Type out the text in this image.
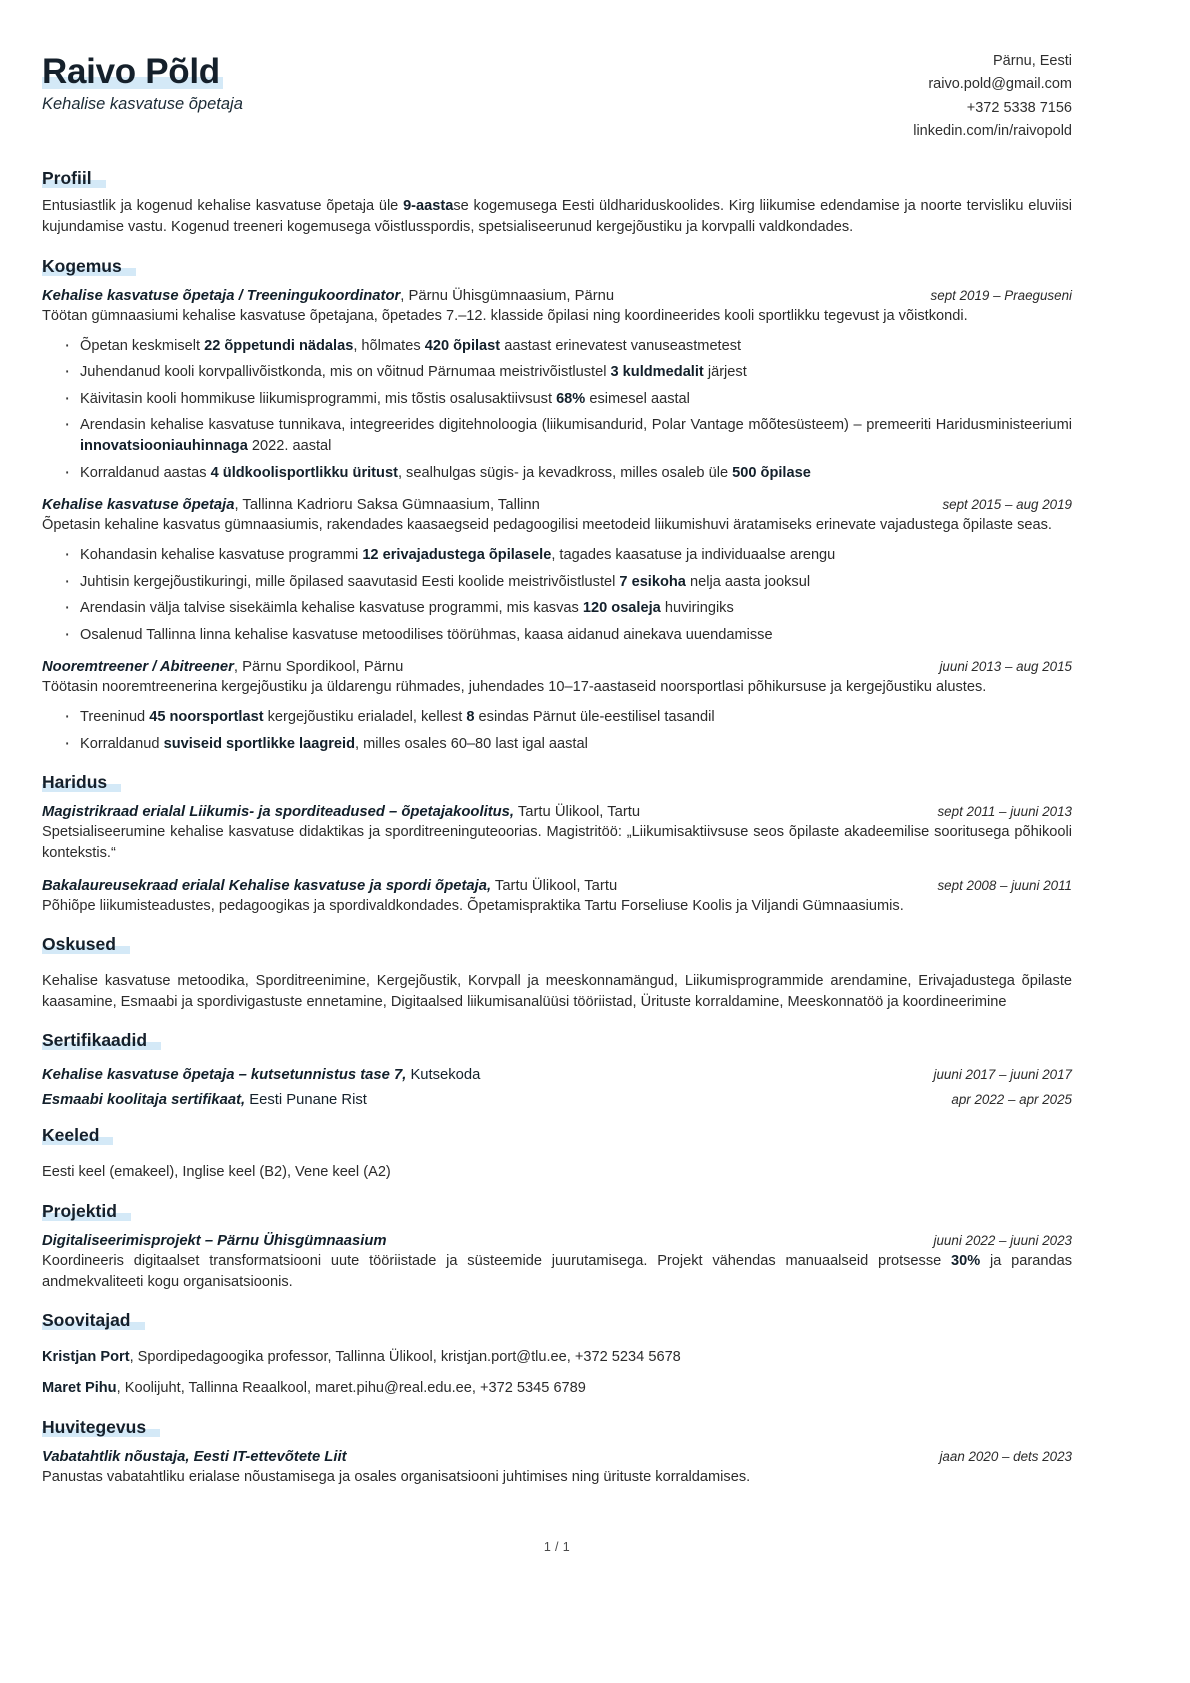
Raivo Põld
Kehalise kasvatuse õpetaja
Pärnu, Eesti
raivo.pold@gmail.com
+372 5338 7156
linkedin.com/in/raivopold
Profiil
Entusiastlik ja kogenud kehalise kasvatuse õpetaja üle 9-aastase kogemusega Eesti üldhariduskoolides. Kirg liikumise edendamise ja noorte tervisliku eluviisi kujundamise vastu. Kogenud treeneri kogemusega võistlusspordis, spetsialiseerunud kergejõustiku ja korvpalli valdkondades.
Kogemus
Kehalise kasvatuse õpetaja / Treeningukoordinator, Pärnu Ühisgümnaasium, Pärnu	sept 2019 – Praeguseni
Töötan gümnaasiumi kehalise kasvatuse õpetajana, õpetades 7.–12. klasside õpilasi ning koordineerides kooli sportlikku tegevust ja võistkondi.
· Õpetan keskmiselt 22 õppetundi nädalas, hõlmates 420 õpilast aastast erinevatest vanuseastmetest
· Juhendanud kooli korvpallivõistkonda, mis on võitnud Pärnumaa meistrivõistlustel 3 kuldmedalit järjest
· Käivitasin kooli hommikuse liikumisprogrammi, mis tõstis osalusaktiivsust 68% esimesel aastal
· Arendasin kehalise kasvatuse tunnikava, integreerides digitehnoloogia (liikumisandurid, Polar Vantage mõõtesüsteem) – premeeriti Haridusministeeriumi innovatsiooniauhinnaga 2022. aastal
· Korraldanud aastas 4 üldkoolisportlikku üritust, sealhulgas sügis- ja kevadkross, milles osaleb üle 500 õpilase
Kehalise kasvatuse õpetaja, Tallinna Kadrioru Saksa Gümnaasium, Tallinn	sept 2015 – aug 2019
Õpetasin kehaline kasvatus gümnaasiumis, rakendades kaasaegseid pedagoogilisi meetodeid liikumishuvi äratamiseks erinevate vajadustega õpilaste seas.
· Kohandasin kehalise kasvatuse programmi 12 erivajadustega õpilasele, tagades kaasatuse ja individuaalse arengu
· Juhtisin kergejõustikuringi, mille õpilased saavutasid Eesti koolide meistrivõistlustel 7 esikoha nelja aasta jooksul
· Arendasin välja talvise sisekäimla kehalise kasvatuse programmi, mis kasvas 120 osaleja huviringiks
· Osalenud Tallinna linna kehalise kasvatuse metoodilises töörühmas, kaasa aidanud ainekava uuendamisse
Nooremtreener / Abitreener, Pärnu Spordikool, Pärnu	juuni 2013 – aug 2015
Töötasin nooremtreenerina kergejõustiku ja üldarengu rühmades, juhendades 10–17-aastaseid noorsportlasi põhikursuse ja kergejõustiku alustes.
· Treeninud 45 noorsportlast kergejõustiku erialadel, kellest 8 esindas Pärnut üle-eestilisel tasandil
· Korraldanud suviseid sportlikke laagreid, milles osales 60–80 last igal aastal
Haridus
Magistrikraad erialal Liikumis- ja sporditeadused – õpetajakoolitus, Tartu Ülikool, Tartu	sept 2011 – juuni 2013
Spetsialiseerumine kehalise kasvatuse didaktikas ja sporditreeninguteoorias. Magistritöö: „Liikumisaktiivsuse seos õpilaste akadeemilise sooritusega põhikooli kontekstis.“
Bakalaureusekraad erialal Kehalise kasvatuse ja spordi õpetaja, Tartu Ülikool, Tartu	sept 2008 – juuni 2011
Põhiõpe liikumisteadustes, pedagoogikas ja spordivaldkondades. Õpetamispraktika Tartu Forseliuse Koolis ja Viljandi Gümnaasiumis.
Oskused
Kehalise kasvatuse metoodika, Sporditreenimine, Kergejõustik, Korvpall ja meeskonnamängud, Liikumisprogrammide arendamine, Erivajadustega õpilaste kaasamine, Esmaabi ja spordivigastuste ennetamine, Digitaalsed liikumisanalüüsi tööriistad, Ürituste korraldamine, Meeskonnatöö ja koordineerimine
Sertifikaadid
Kehalise kasvatuse õpetaja – kutsetunnistus tase 7, Kutsekoda	juuni 2017 – juuni 2017
Esmaabi koolitaja sertifikaat, Eesti Punane Rist	apr 2022 – apr 2025
Keeled
Eesti keel (emakeel), Inglise keel (B2), Vene keel (A2)
Projektid
Digitaliseerimisprojekt – Pärnu Ühisgümnaasium	juuni 2022 – juuni 2023
Koordineeris digitaalset transformatsiooni uute tööriistade ja süsteemide juurutamisega. Projekt vähendas manuaalseid protsesse 30% ja parandas andmekvaliteeti kogu organisatsioonis.
Soovitajad
Kristjan Port, Spordipedagoogika professor, Tallinna Ülikool, kristjan.port@tlu.ee, +372 5234 5678
Maret Pihu, Koolijuht, Tallinna Reaalkool, maret.pihu@real.edu.ee, +372 5345 6789
Huvitegevus
Vabatahtlik nõustaja, Eesti IT-ettevõtete Liit	jaan 2020 – dets 2023
Panustas vabatahtliku erialase nõustamisega ja osales organisatsiooni juhtimises ning ürituste korraldamises.
1 / 1
